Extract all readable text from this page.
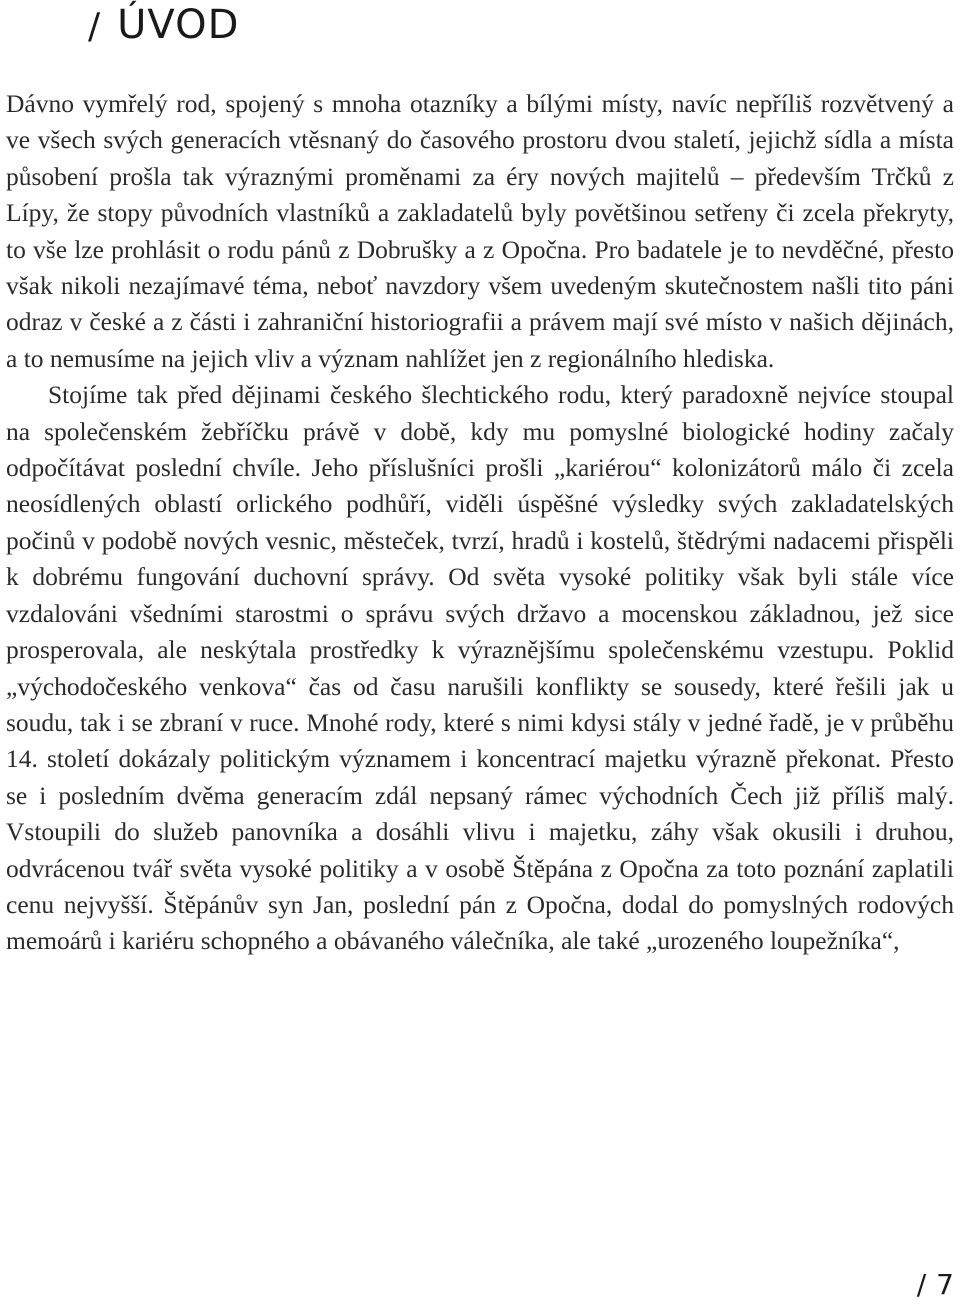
/ ÚVOD

Dávno vymřelý rod, spojený s mnoha otazníky a bílými místy, navíc nepříliš rozvětvený a ve všech svých generacích vtěsnaný do časového prostoru dvou staletí, jejichž sídla a místa působení prošla tak výraznými proměnami za éry nových majitelů – především Trčků z Lípy, že stopy původních vlastníků a zakladatelů byly povětšinou setřeny či zcela překryty, to vše lze prohlásit o rodu pánů z Dobrušky a z Opočna. Pro badatele je to nevděčné, přesto však nikoli nezajímavé téma, neboť navzdory všem uvedeným skutečnostem našli tito páni odraz v české a z části i zahraniční historiografii a právem mají své místo v našich dějinách, a to nemusíme na jejich vliv a význam nahlížet jen z regionálního hlediska.

Stojíme tak před dějinami českého šlechtického rodu, který paradoxně nejvíce stoupal na společenském žebříčku právě v době, kdy mu pomyslné biologické hodiny začaly odpočítávat poslední chvíle. Jeho příslušníci prošli „kariérou“ kolonizátorů málo či zcela neosídlených oblastí orlického podhůří, viděli úspěšné výsledky svých zakladatelských počinů v podobě nových vesnic, městeček, tvrzí, hradů i kostelů, štědrými nadacemi přispěli k dobrému fungování duchovní správy. Od světa vysoké politiky však byli stále více vzdalováni všedními starostmi o správu svých državo a mocenskou základnou, jež sice prosperovala, ale neskýtala prostředky k výraznějšímu společenskému vzestupu. Poklid „východočeského venkova“ čas od času narušili konflikty se sousedy, které řešili jak u soudu, tak i se zbraní v ruce. Mnohé rody, které s nimi kdysi stály v jedné řadě, je v průběhu 14. století dokázaly politickým významem i koncentrací majetku výrazně překonat. Přesto se i posledním dvěma generacím zdál nepsaný rámec východních Čech již příliš malý. Vstoupili do služeb panovníka a dosáhli vlivu i majetku, záhy však okusili i druhou, odvrácenou tvář světa vysoké politiky a v osobě Štěpána z Opočna za toto poznání zaplatili cenu nejvyšší. Štěpánův syn Jan, poslední pán z Opočna, dodal do pomyslných rodových memoárů i kariéru schopného a obávaného válečníka, ale také „urozeného loupežníka“,

/ 7
